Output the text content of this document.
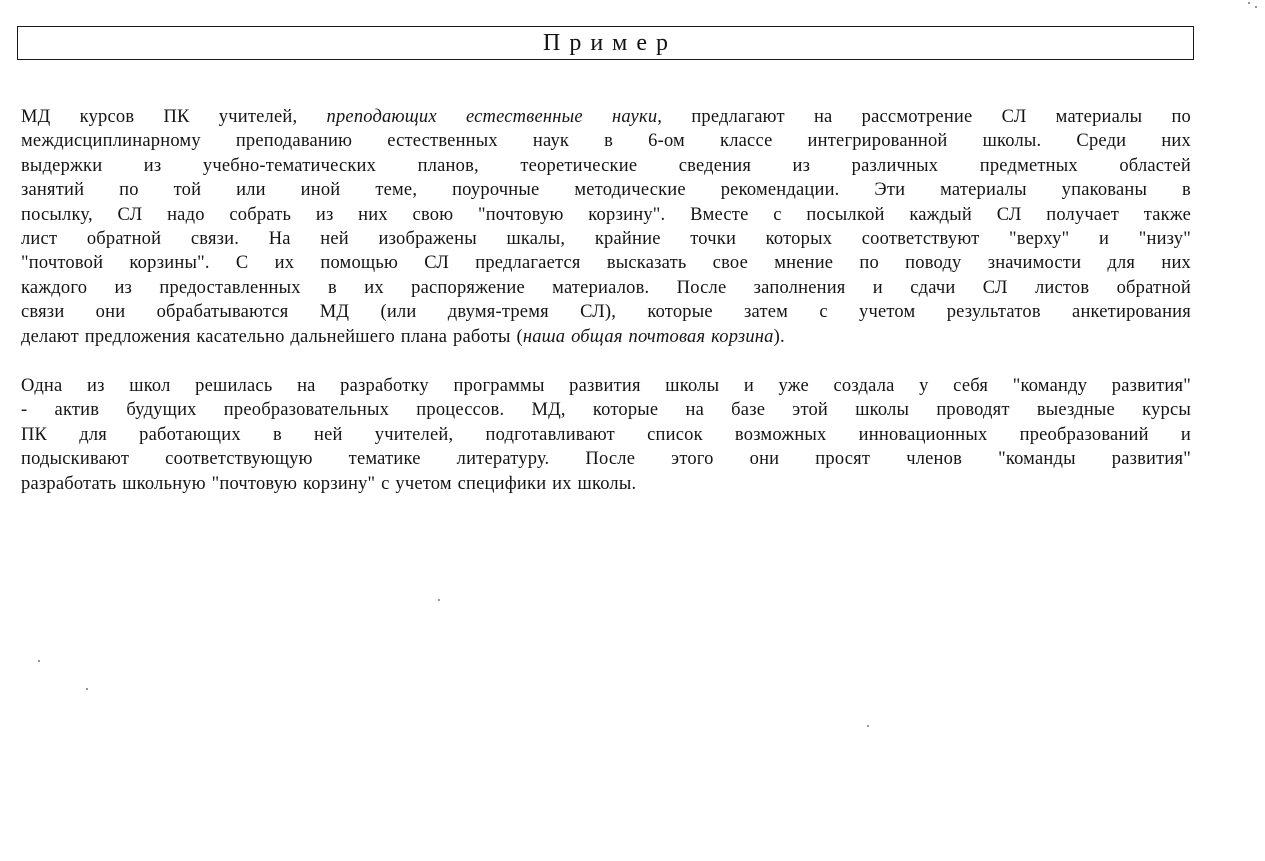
Пример
МД курсов ПК учителей, преподающих естественные науки, предлагают на рассмотрение СЛ материалы по
междисциплинарному преподаванию естественных наук в 6-ом классе интегрированной школы. Среди них
выдержки из учебно-тематических планов, теоретические сведения из различных предметных областей
занятий по той или иной теме, поурочные методические рекомендации. Эти материалы упакованы в
посылку, СЛ надо собрать из них свою "почтовую корзину". Вместе с посылкой каждый СЛ получает также
лист обратной связи. На ней изображены шкалы, крайние точки которых соответствуют "верху" и "низу"
"почтовой корзины". С их помощью СЛ предлагается высказать свое мнение по поводу значимости для них
каждого из предоставленных в их распоряжение материалов. После заполнения и сдачи СЛ листов обратной
связи они обрабатываются МД (или двумя-тремя СЛ), которые затем с учетом результатов анкетирования
делают предложения касательно дальнейшего плана работы (наша общая почтовая корзина).
Одна из школ решилась на разработку программы развития школы и уже создала у себя "команду развития"
- актив будущих преобразовательных процессов. МД, которые на базе этой школы проводят выездные курсы
ПК для работающих в ней учителей, подготавливают список возможных инновационных преобразований и
подыскивают соответствующую тематике литературу. После этого они просят членов "команды развития"
разработать школьную "почтовую корзину" с учетом специфики их школы.
